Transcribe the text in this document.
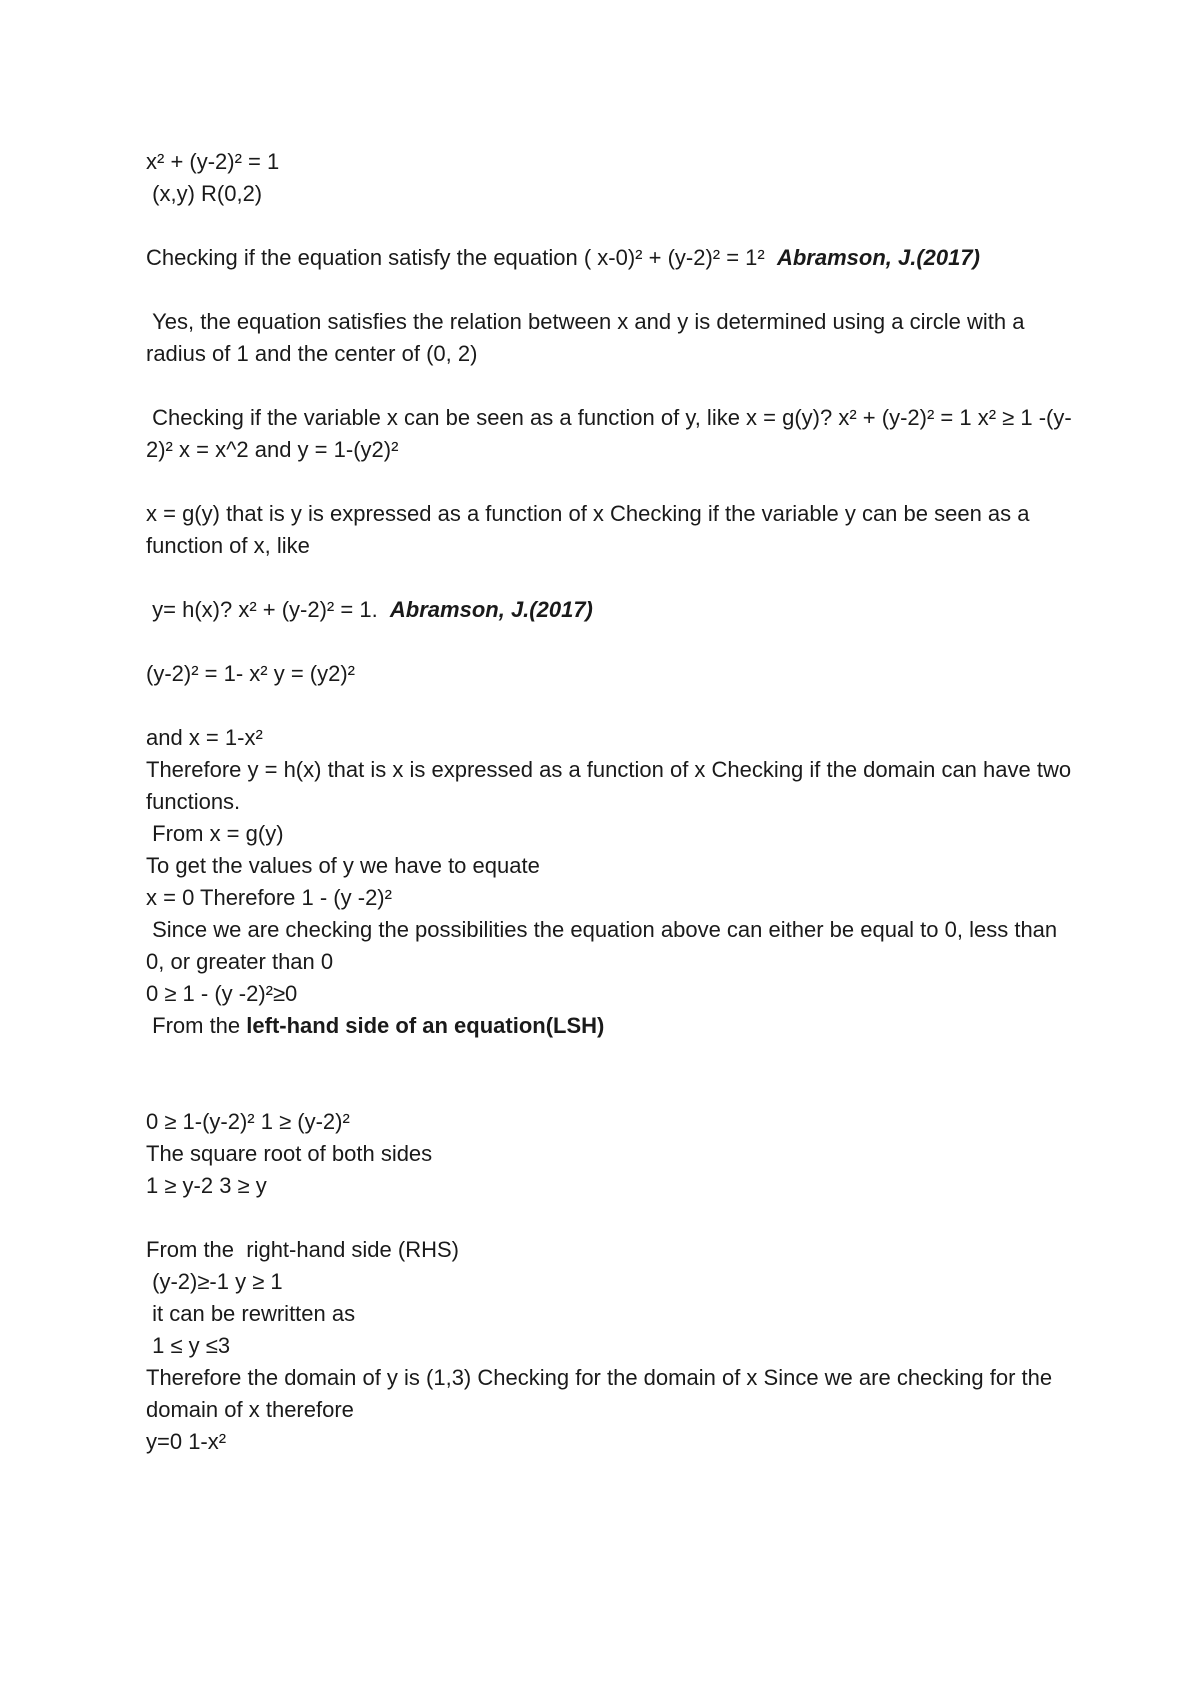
x² + (y-2)² = 1
(x,y) R(0,2)
Checking if the equation satisfy the equation ( x-0)² + (y-2)² = 1² Abramson, J.(2017)
Yes, the equation satisfies the relation between x and y is determined using a circle with a radius of 1 and the center of (0, 2)
Checking if the variable x can be seen as a function of y, like x = g(y)? x² + (y-2)² = 1 x² ≥ 1 -(y-2)² x = x^2 and y = 1-(y2)²
x = g(y) that is y is expressed as a function of x Checking if the variable y can be seen as a function of x, like
y= h(x)? x² + (y-2)² = 1. Abramson, J.(2017)
(y-2)² = 1- x² y = (y2)²
and x = 1-x²
Therefore y = h(x) that is x is expressed as a function of x Checking if the domain can have two functions.
From x = g(y)
To get the values of y we have to equate
x = 0 Therefore 1 - (y -2)²
Since we are checking the possibilities the equation above can either be equal to 0, less than 0, or greater than 0
0 ≥ 1 - (y -2)²≥0
From the left-hand side of an equation(LSH)
0 ≥ 1-(y-2)² 1 ≥ (y-2)²
The square root of both sides
1 ≥ y-2 3 ≥ y
From the  right-hand side (RHS)
(y-2)≥-1 y ≥ 1
it can be rewritten as
1 ≤ y ≤3
Therefore the domain of y is (1,3) Checking for the domain of x Since we are checking for the domain of x therefore
y=0 1-x²
